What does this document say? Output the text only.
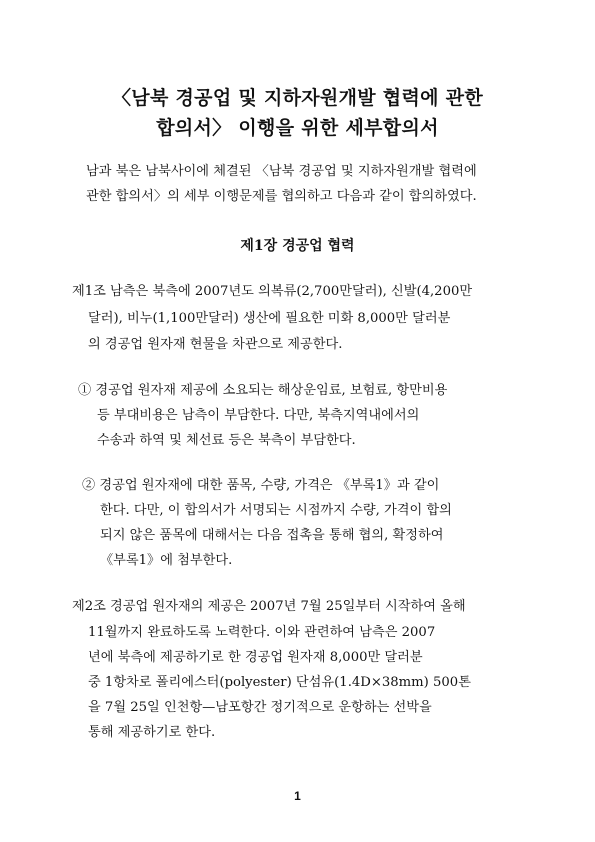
〈남북 경공업 및 지하자원개발 협력에 관한
합의서〉 이행을 위한 세부합의서
남과 북은 남북사이에 체결된 〈남북 경공업 및 지하자원개발 협력에
관한 합의서〉의 세부 이행문제를 협의하고 다음과 같이 합의하였다.
제1장 경공업 협력
제1조 남측은 북측에 2007년도 의복류(2,700만달러), 신발(4,200만
달러), 비누(1,100만달러) 생산에 필요한 미화 8,000만 달러분
의 경공업 원자재 현물을 차관으로 제공한다.
① 경공업 원자재 제공에 소요되는 해상운임료, 보험료, 항만비용
등 부대비용은 남측이 부담한다. 다만, 북측지역내에서의
수송과 하역 및 체선료 등은 북측이 부담한다.
② 경공업 원자재에 대한 품목, 수량, 가격은 《부록1》과 같이
한다. 다만, 이 합의서가 서명되는 시점까지 수량, 가격이 합의
되지 않은 품목에 대해서는 다음 접촉을 통해 협의, 확정하여
《부록1》에 첨부한다.
제2조 경공업 원자재의 제공은 2007년 7월 25일부터 시작하여 올해
11월까지 완료하도록 노력한다. 이와 관련하여 남측은 2007
년에 북측에 제공하기로 한 경공업 원자재 8,000만 달러분
중 1항차로 폴리에스터(polyester) 단섬유(1.4D×38mm) 500톤
을 7월 25일 인천항—남포항간 정기적으로 운항하는 선박을
통해 제공하기로 한다.
1
